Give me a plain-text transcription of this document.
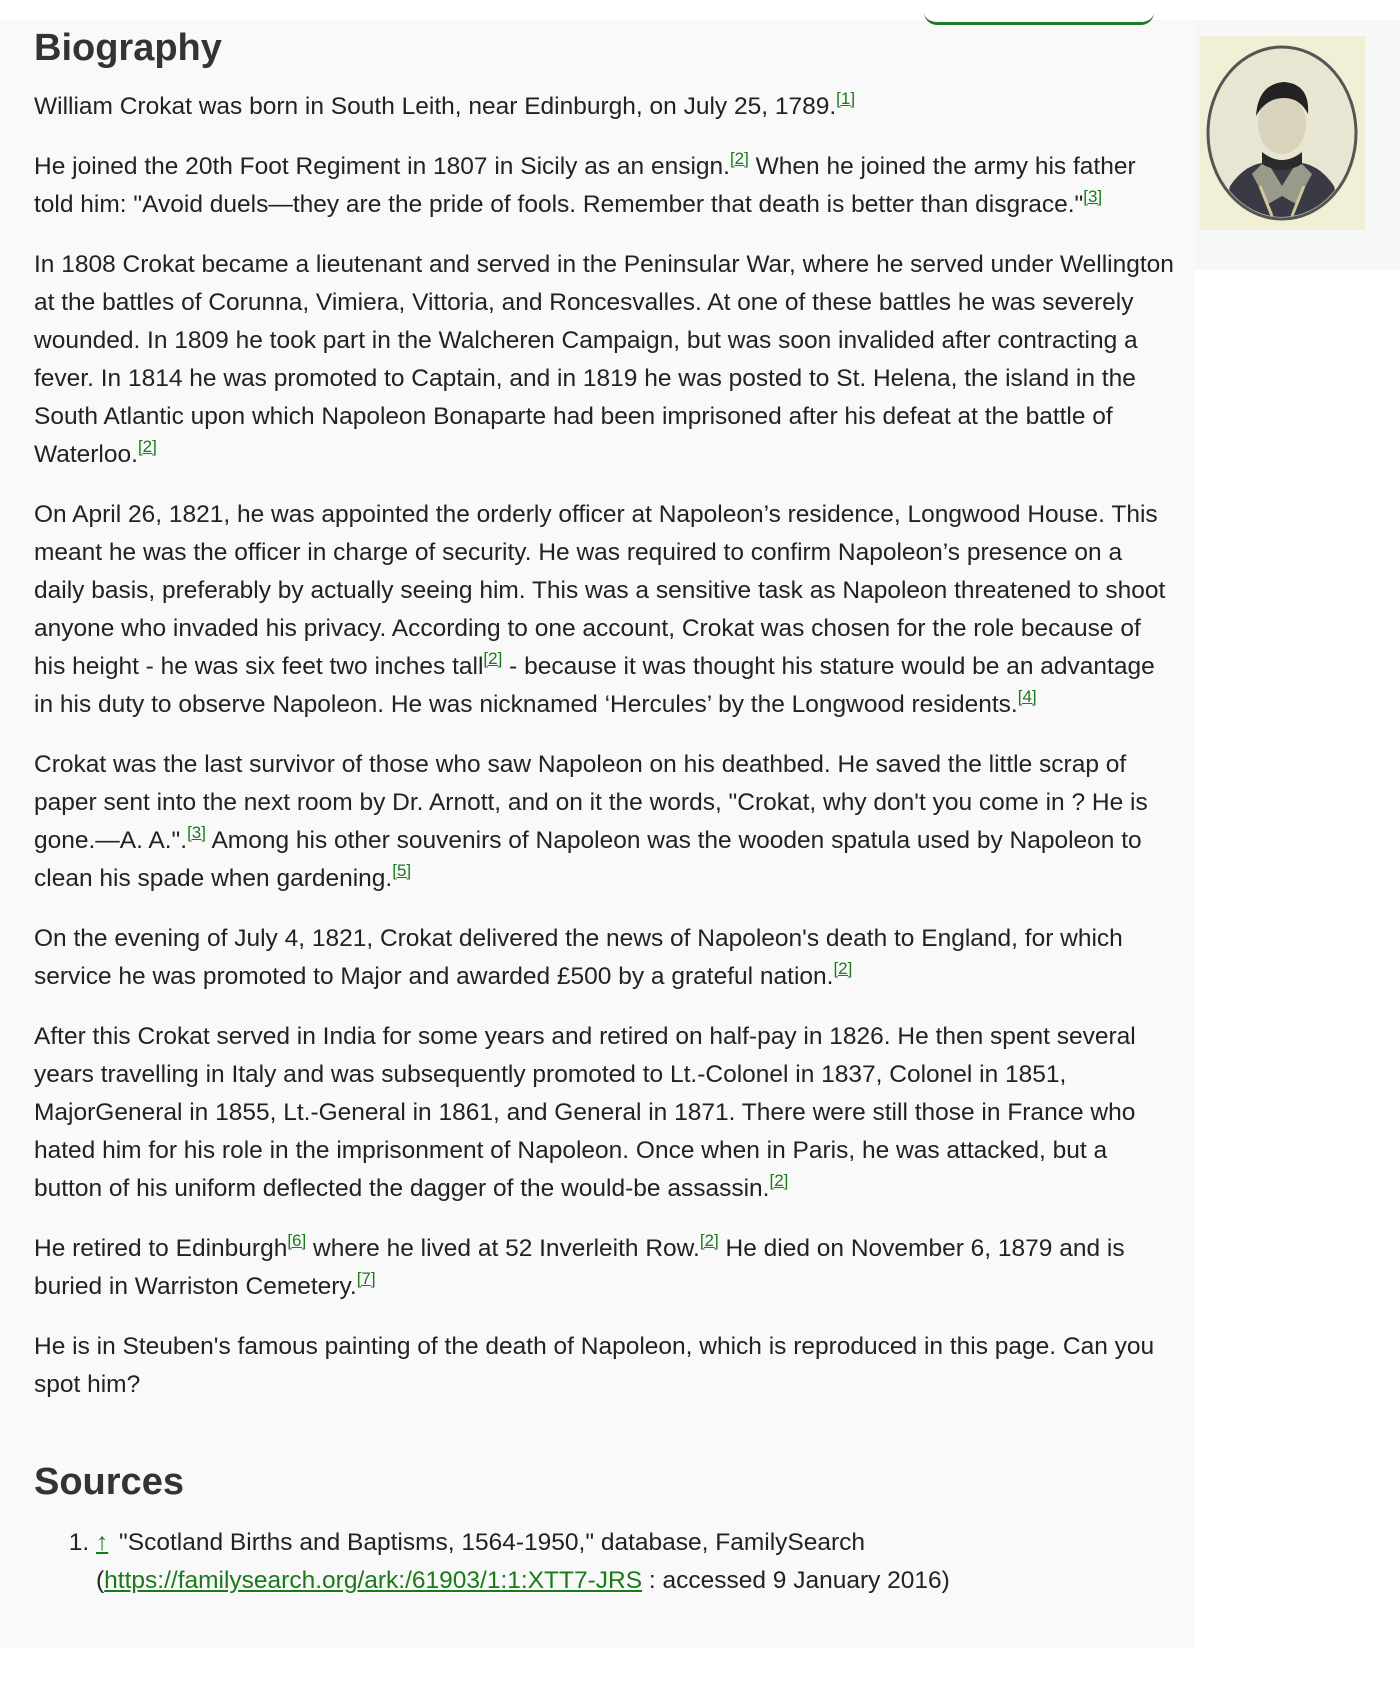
Biography

William Crokat was born in South Leith, near Edinburgh, on July 25, 1789.[1]

He joined the 20th Foot Regiment in 1807 in Sicily as an ensign.[2] When he joined the army his father told him: "Avoid duels—they are the pride of fools. Remember that death is better than disgrace."[3]

In 1808 Crokat became a lieutenant and served in the Peninsular War, where he served under Wellington at the battles of Corunna, Vimiera, Vittoria, and Roncesvalles. At one of these battles he was severely wounded. In 1809 he took part in the Walcheren Campaign, but was soon invalided after contracting a fever. In 1814 he was promoted to Captain, and in 1819 he was posted to St. Helena, the island in the South Atlantic upon which Napoleon Bonaparte had been imprisoned after his defeat at the battle of Waterloo.[2]

On April 26, 1821, he was appointed the orderly officer at Napoleon’s residence, Longwood House. This meant he was the officer in charge of security. He was required to confirm Napoleon’s presence on a daily basis, preferably by actually seeing him. This was a sensitive task as Napoleon threatened to shoot anyone who invaded his privacy. According to one account, Crokat was chosen for the role because of his height - he was six feet two inches tall[2] - because it was thought his stature would be an advantage in his duty to observe Napoleon. He was nicknamed ‘Hercules’ by the Longwood residents.[4]

Crokat was the last survivor of those who saw Napoleon on his deathbed. He saved the little scrap of paper sent into the next room by Dr. Arnott, and on it the words, "Crokat, why don't you come in ? He is gone.—A. A.".[3] Among his other souvenirs of Napoleon was the wooden spatula used by Napoleon to clean his spade when gardening.[5]

On the evening of July 4, 1821, Crokat delivered the news of Napoleon's death to England, for which service he was promoted to Major and awarded £500 by a grateful nation.[2]

After this Crokat served in India for some years and retired on half-pay in 1826. He then spent several years travelling in Italy and was subsequently promoted to Lt.-Colonel in 1837, Colonel in 1851, MajorGeneral in 1855, Lt.-General in 1861, and General in 1871. There were still those in France who hated him for his role in the imprisonment of Napoleon. Once when in Paris, he was attacked, but a button of his uniform deflected the dagger of the would-be assassin.[2]

He retired to Edinburgh[6] where he lived at 52 Inverleith Row.[2] He died on November 6, 1879 and is buried in Warriston Cemetery.[7]

He is in Steuben's famous painting of the death of Napoleon, which is reproduced in this page. Can you spot him?

Sources
1. ↑ "Scotland Births and Baptisms, 1564-1950," database, FamilySearch (https://familysearch.org/ark:/61903/1:1:XTT7-JRS : accessed 9 January 2016)
